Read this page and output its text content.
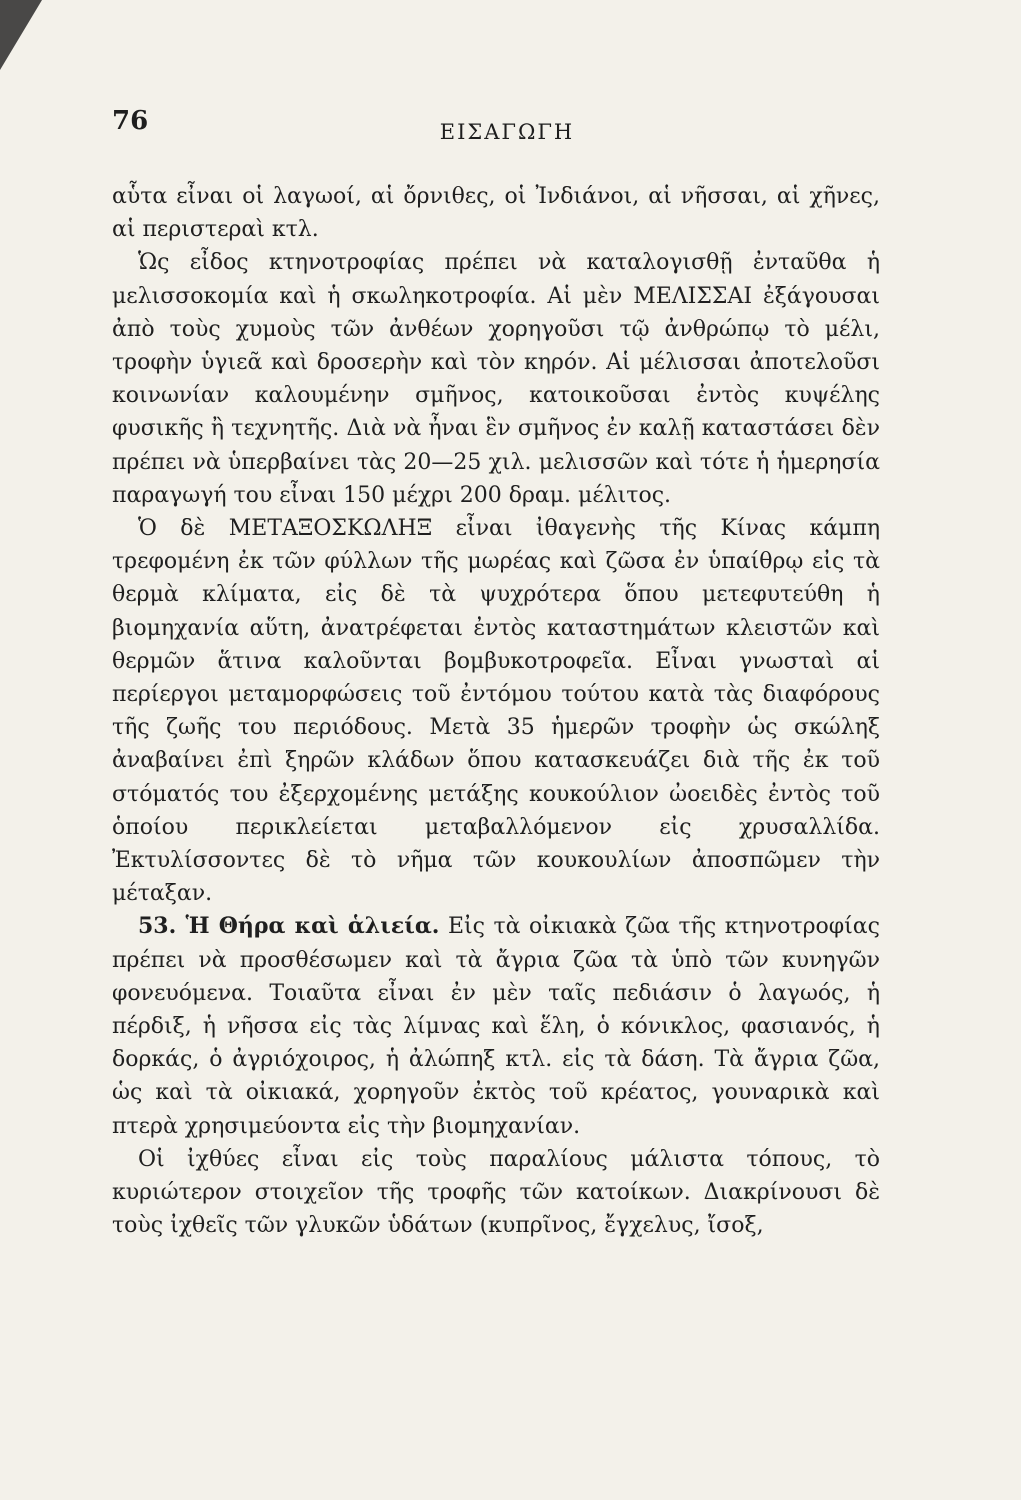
76	ΕΙΣΑΓΩΓΗ

αὗτα εἶναι οἱ λαγωοί, αἱ ὄρνιθες, οἱ Ἰνδιάνοι, αἱ νῆσσαι, αἱ χῆνες, αἱ περιστεραὶ κτλ.

Ὡς εἶδος κτηνοτροφίας πρέπει νὰ καταλογισθῇ ἐνταῦθα ἡ μελισσοκομία καὶ ἡ σκωληκοτροφία. Αἱ μὲν ΜΕΛΙΣΣΑΙ ἐξάγουσαι ἀπὸ τοὺς χυμοὺς τῶν ἀνθέων χορηγοῦσι τῷ ἀνθρώπῳ τὸ μέλι, τροφὴν ὑγιεᾶ καὶ δροσερὴν καὶ τὸν κηρόν. Αἱ μέλισσαι ἀποτελοῦσι κοινωνίαν καλουμένην σμῆνος, κατοικοῦσαι ἐντὸς κυψέλης φυσικῆς ἢ τεχνητῆς. Διὰ νὰ ἦναι ἓν σμῆνος ἐν καλῇ καταστάσει δὲν πρέπει νὰ ὑπερβαίνει τὰς 20—25 χιλ. μελισσῶν καὶ τότε ἡ ἡμερησία παραγωγή του εἶναι 150 μέχρι 200 δραμ. μέλιτος.

Ὁ δὲ ΜΕΤΑΞΟΣΚΩΛΗΞ εἶναι ἰθαγενὴς τῆς Κίνας κάμπη τρεφομένη ἐκ τῶν φύλλων τῆς μωρέας καὶ ζῶσα ἐν ὑπαίθρῳ εἰς τὰ θερμὰ κλίματα, εἰς δὲ τὰ ψυχρότερα ὅπου μετεφυτεύθη ἡ βιομηχανία αὕτη, ἀνατρέφεται ἐντὸς καταστημάτων κλειστῶν καὶ θερμῶν ἅτινα καλοῦνται βομβυκοτροφεῖα. Εἶναι γνωσταὶ αἱ περίεργοι μεταμορφώσεις τοῦ ἐντόμου τούτου κατὰ τὰς διαφόρους τῆς ζωῆς του περιόδους. Μετὰ 35 ἡμερῶν τροφὴν ὡς σκώληξ ἀναβαίνει ἐπὶ ξηρῶν κλάδων ὅπου κατασκευάζει διὰ τῆς ἐκ τοῦ στόματός του ἐξερχομένης μετάξης κουκούλιον ὠοειδὲς ἐντὸς τοῦ ὁποίου περικλείεται μεταβαλλόμενον εἰς χρυσαλλίδα. Ἐκτυλίσσοντες δὲ τὸ νῆμα τῶν κουκουλίων ἀποσπῶμεν τὴν μέταξαν.

53. Ἡ Θήρα καὶ ἁλιεία. Εἰς τὰ οἰκιακὰ ζῶα τῆς κτηνοτροφίας πρέπει νὰ προσθέσωμεν καὶ τὰ ἄγρια ζῶα τὰ ὑπὸ τῶν κυνηγῶν φονευόμενα. Τοιαῦτα εἶναι ἐν μὲν ταῖς πεδιάσιν ὁ λαγωός, ἡ πέρδιξ, ἡ νῆσσα εἰς τὰς λίμνας καὶ ἕλη, ὁ κόνικλος, φασιανός, ἡ δορκάς, ὁ ἀγριόχοιρος, ἡ ἀλώπηξ κτλ. εἰς τὰ δάση. Τὰ ἄγρια ζῶα, ὡς καὶ τὰ οἰκιακά, χορηγοῦν ἐκτὸς τοῦ κρέατος, γουναρικὰ καὶ πτερὰ χρησιμεύοντα εἰς τὴν βιομηχανίαν.

Οἱ ἰχθύες εἶναι εἰς τοὺς παραλίους μάλιστα τόπους, τὸ κυριώτερον στοιχεῖον τῆς τροφῆς τῶν κατοίκων. Διακρίνουσι δὲ τοὺς ἰχθεῖς τῶν γλυκῶν ὑδάτων (κυπρῖνος, ἔγχελυς, ἴσοξ,
